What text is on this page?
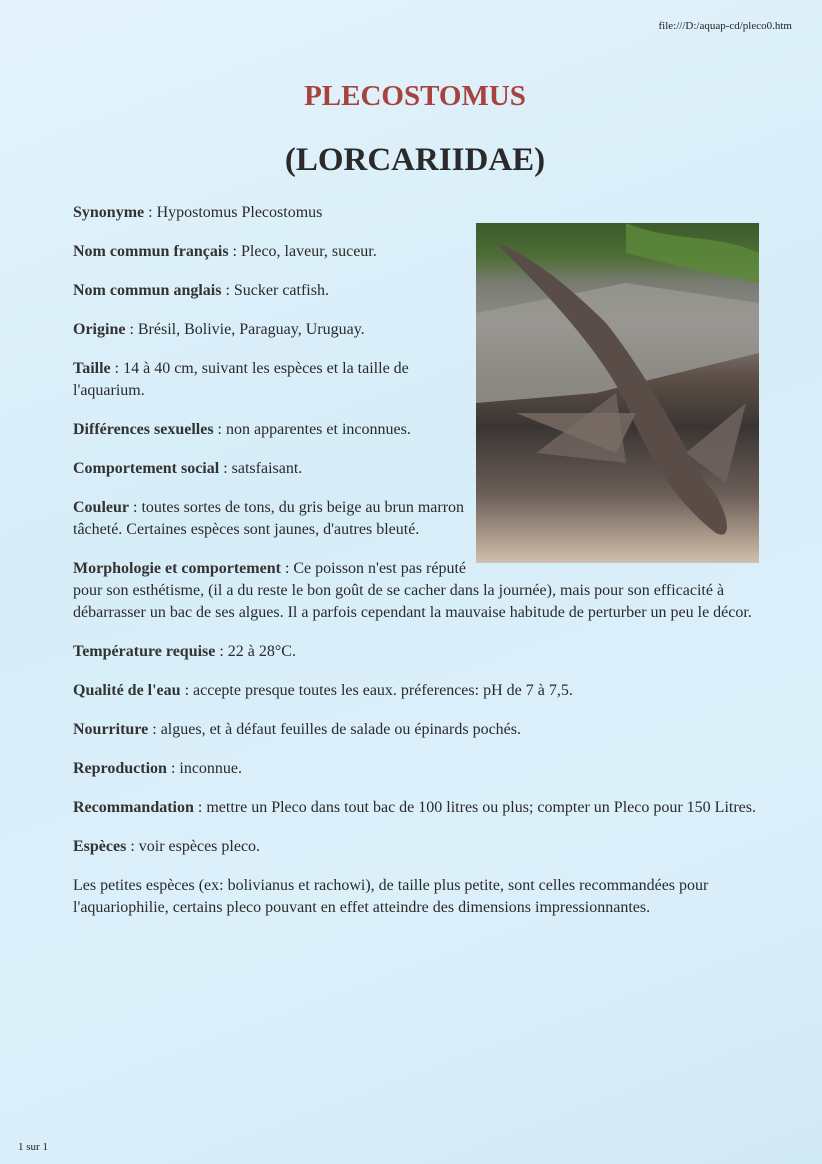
file:///D:/aquap-cd/pleco0.htm
PLECOSTOMUS
(LORCARIIDAE)

Synonyme : Hypostomus Plecostomus

Nom commun français : Pleco, laveur, suceur.

Nom commun anglais : Sucker catfish.

Origine : Brésil, Bolivie, Paraguay, Uruguay.

Taille : 14 à 40 cm, suivant les espèces et la taille de l'aquarium.

Différences sexuelles : non apparentes et inconnues.

Comportement social : satsfaisant.

Couleur : toutes sortes de tons, du gris beige au brun marron tâcheté. Certaines espèces sont jaunes, d'autres bleuté.

Morphologie et comportement : Ce poisson n'est pas réputé pour son esthétisme, (il a du reste le bon goût de se cacher dans la journée), mais pour son efficacité à débarrasser un bac de ses algues. Il a parfois cependant la mauvaise habitude de perturber un peu le décor.

Température requise : 22 à 28°C.

Qualité de l'eau : accepte presque toutes les eaux. préferences: pH de 7 à 7,5.

Nourriture : algues, et à défaut feuilles de salade ou épinards pochés.

Reproduction : inconnue.

Recommandation : mettre un Pleco dans tout bac de 100 litres ou plus; compter un Pleco pour 150 Litres.

Espèces : voir espèces pleco.

Les petites espèces (ex: bolivianus et rachowi), de taille plus petite, sont celles recommandées pour l'aquariophilie, certains pleco pouvant en effet atteindre des dimensions impressionnantes.

1 sur 1
